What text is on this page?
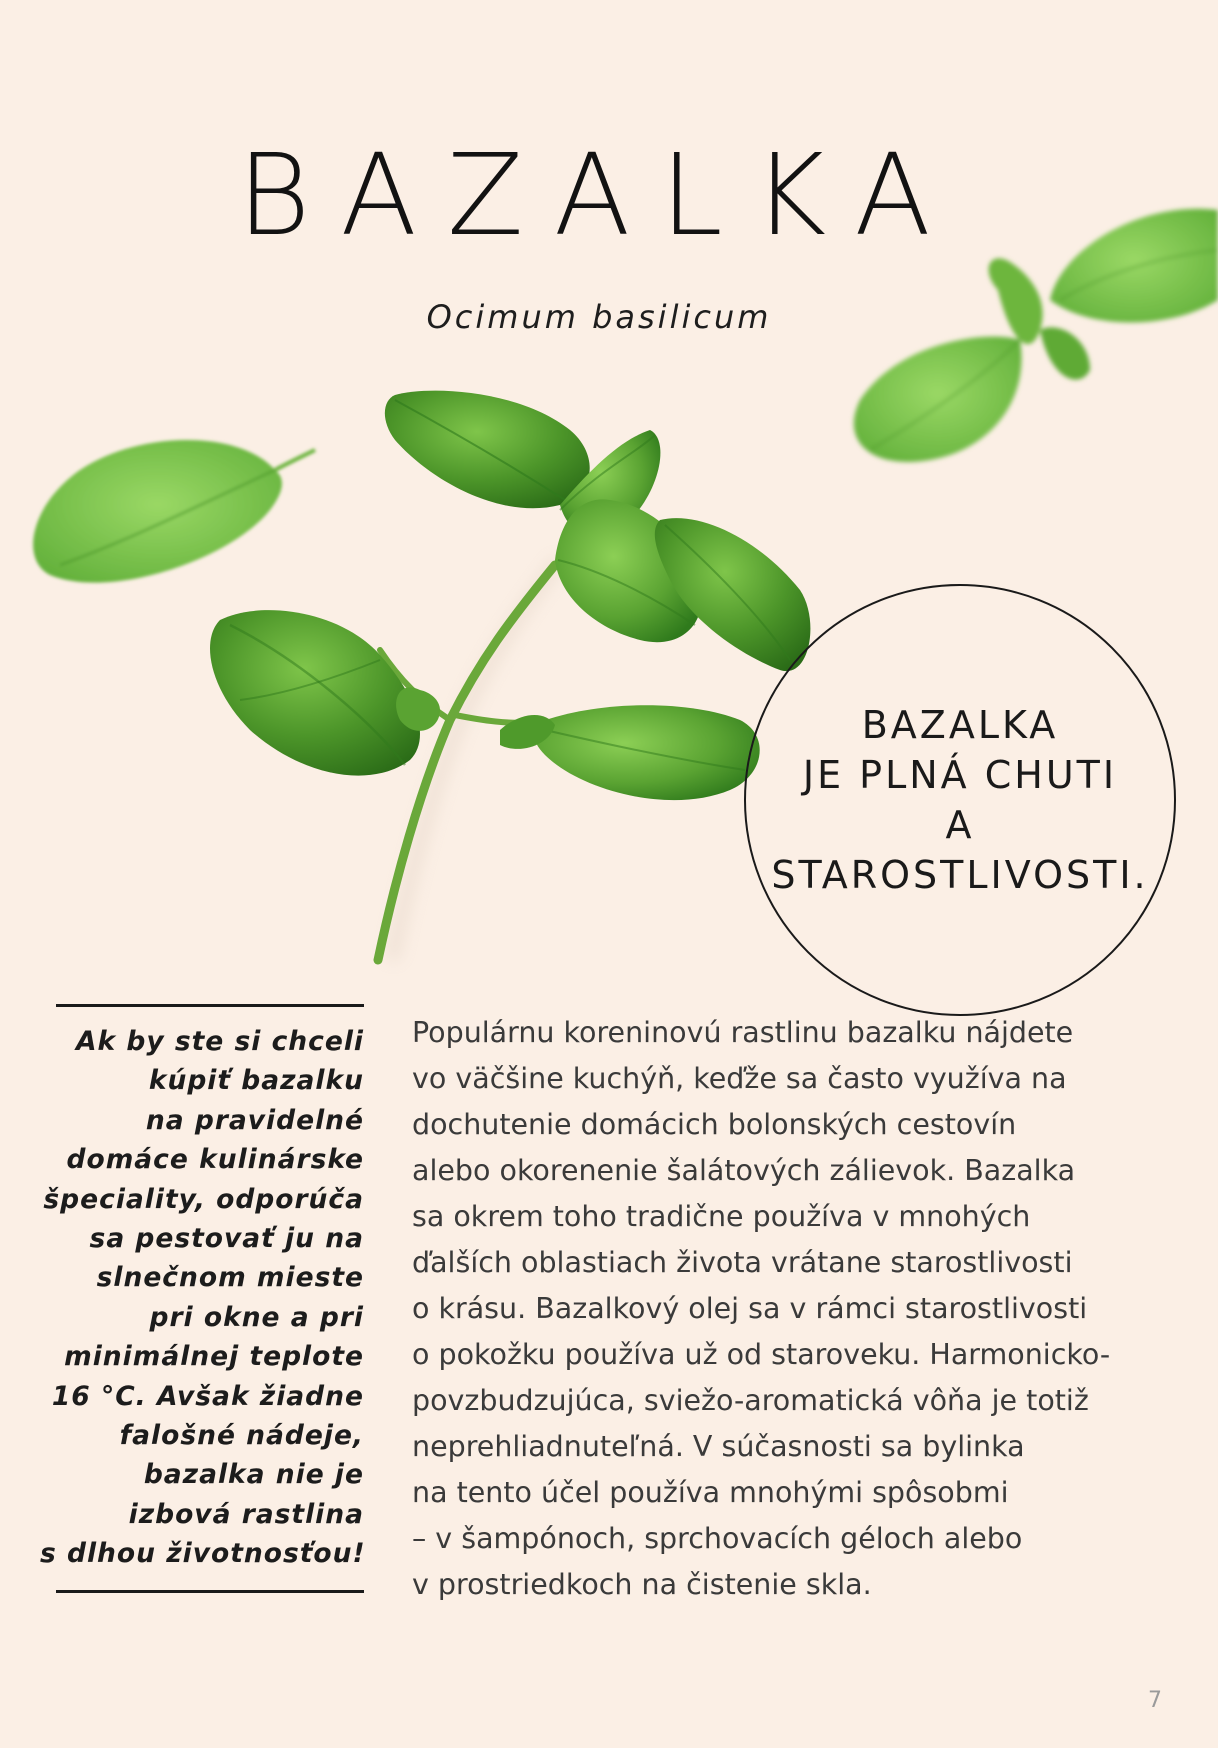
BAZALKA
Ocimum basilicum
BAZALKA
JE PLNÁ CHUTI
A
STAROSTLIVOSTI.
Ak by ste si chceli
kúpiť bazalku
na pravidelné
domáce kulinárske
špeciality, odporúča
sa pestovať ju na
slnečnom mieste
pri okne a pri
minimálnej teplote
16 °C. Avšak žiadne
falošné nádeje,
bazalka nie je
izbová rastlina
s dlhou životnosťou!
Populárnu koreninovú rastlinu bazalku nájdete
vo väčšine kuchýň, keďže sa často využíva na
dochutenie domácich bolonských cestovín
alebo okorenenie šalátových zálievok. Bazalka
sa okrem toho tradične používa v mnohých
ďalších oblastiach života vrátane starostlivosti
o krásu. Bazalkový olej sa v rámci starostlivosti
o pokožku používa už od staroveku. Harmonicko-
povzbudzujúca, sviežo-aromatická vôňa je totiž
neprehliadnuteľná. V súčasnosti sa bylinka
na tento účel používa mnohými spôsobmi
– v šampónoch, sprchovacích géloch alebo
v prostriedkoch na čistenie skla.
7
